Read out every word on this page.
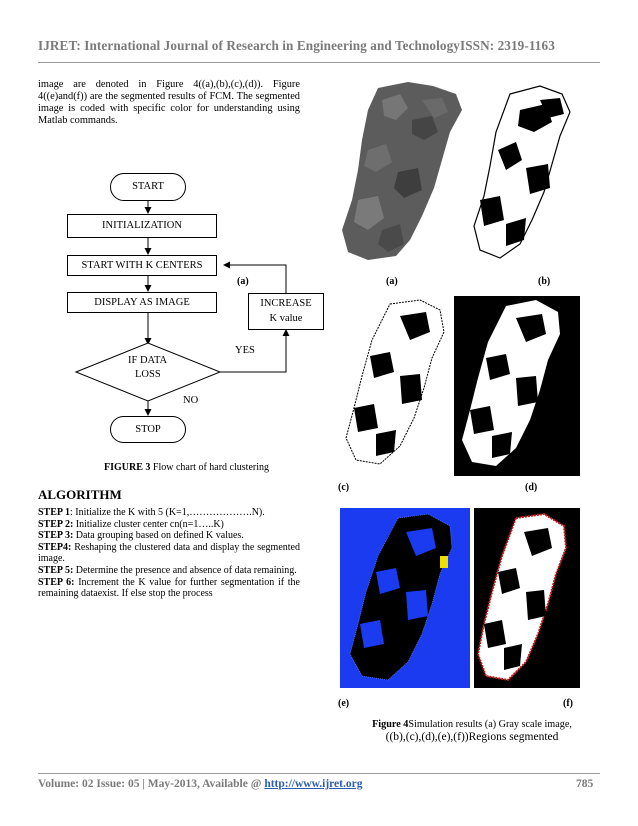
IJRET: International Journal of Research in Engineering and TechnologyISSN: 2319-1163
image are denoted in Figure 4((a),(b),(c),(d)). Figure 4((e)and(f)) are the segmented results of FCM. The segmented image is coded with specific color for understanding using Matlab commands.
START
INITIALIZATION
START WITH K CENTERS
DISPLAY AS IMAGE	INCREASE
K value
IF DATA
LOSS
YES
NO
STOP
FIGURE 3 Flow chart of hard clustering
ALGORITHM
STEP 1: Initialize the K with 5 (K=1,……………….N).
STEP 2: Initialize cluster center cn(n=1…..K)
STEP 3: Data grouping based on defined K values.
STEP4: Reshaping the clustered data and display the segmented image.
STEP 5: Determine the presence and absence of data remaining.
STEP 6: Increment the K value for further segmentation if the remaining dataexist. If else stop the process
(a)	(a)	(b)
(c)	(d)
(e)	(f)
Figure 4Simulation results (a) Gray scale image,
((b),(c),(d),(e),(f))Regions segmented
Volume: 02 Issue: 05 | May-2013, Available @ http://www.ijret.org	785
